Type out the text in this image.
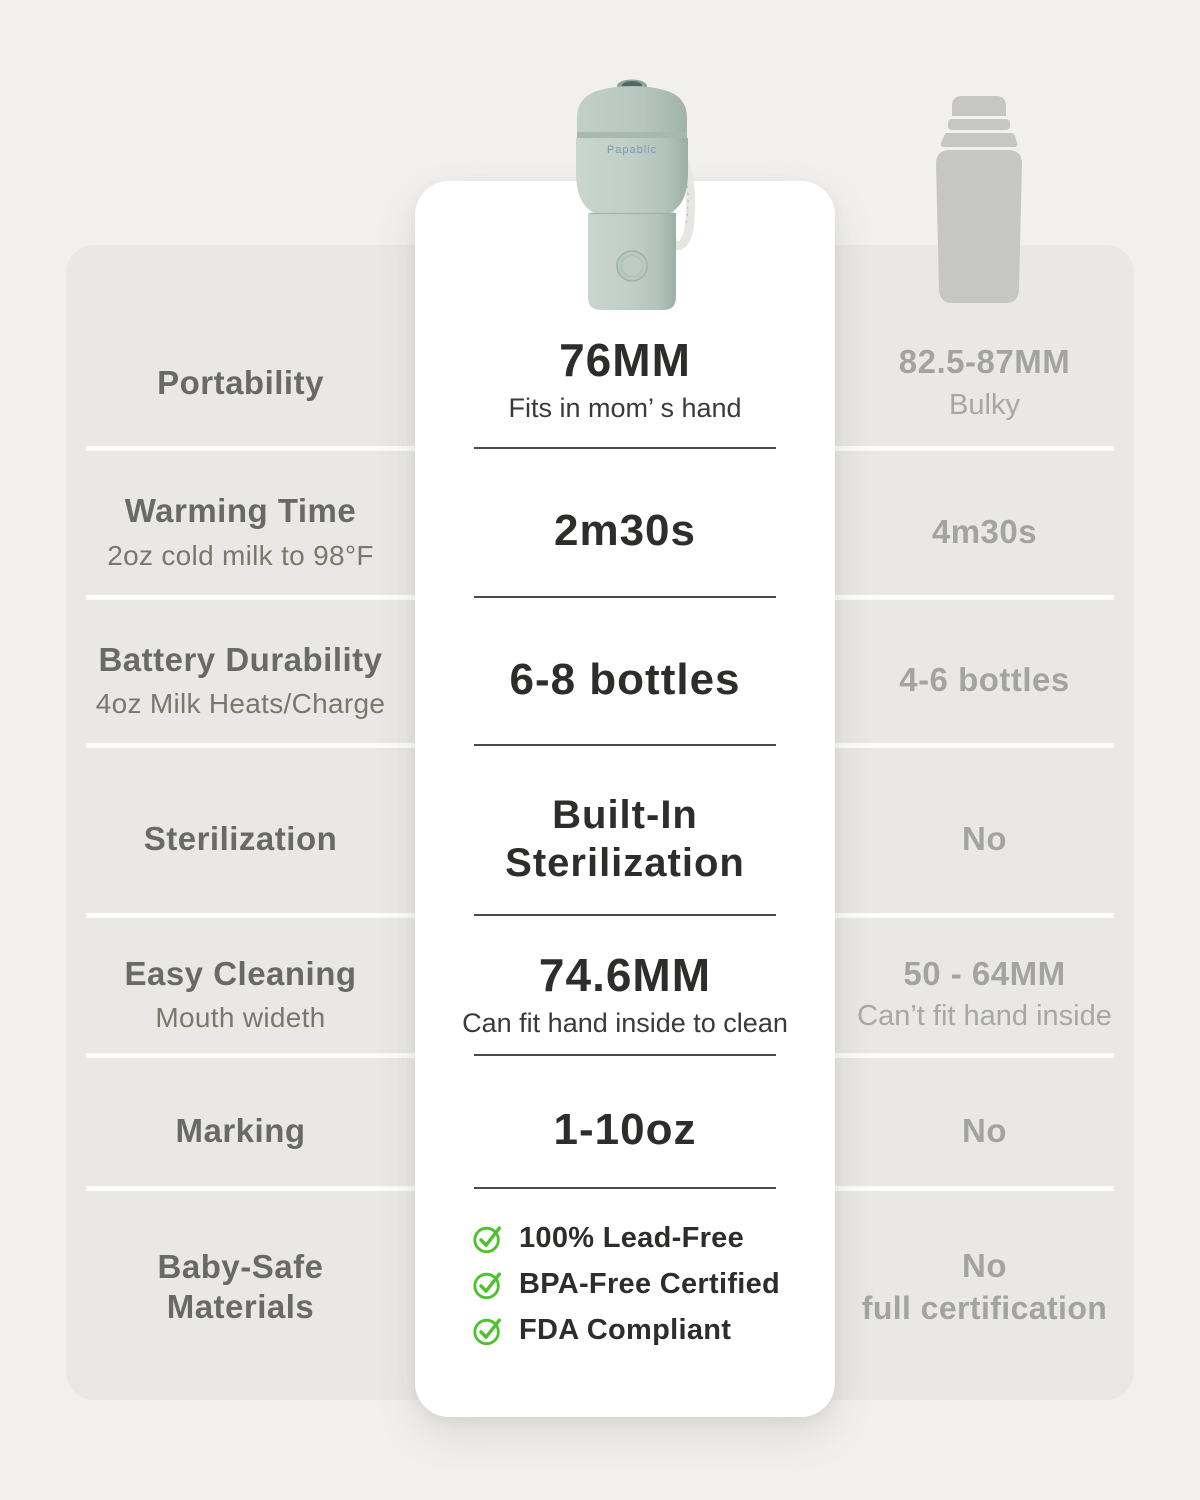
Portability
Warming Time
2oz cold milk to 98°F
Battery Durability
4oz Milk Heats/Charge
Sterilization
Easy Cleaning
Mouth wideth
Marking
Baby-Safe Materials
76MM
Fits in mom’ s hand
2m30s
6-8 bottles
Built-In Sterilization
74.6MM
Can fit hand inside to clean
1-10oz
100% Lead-Free
BPA-Free Certified
FDA Compliant
82.5-87MM
Bulky
4m30s
4-6 bottles
No
50 - 64MM
Can’t fit hand inside
No
No
full certification
Papablic
